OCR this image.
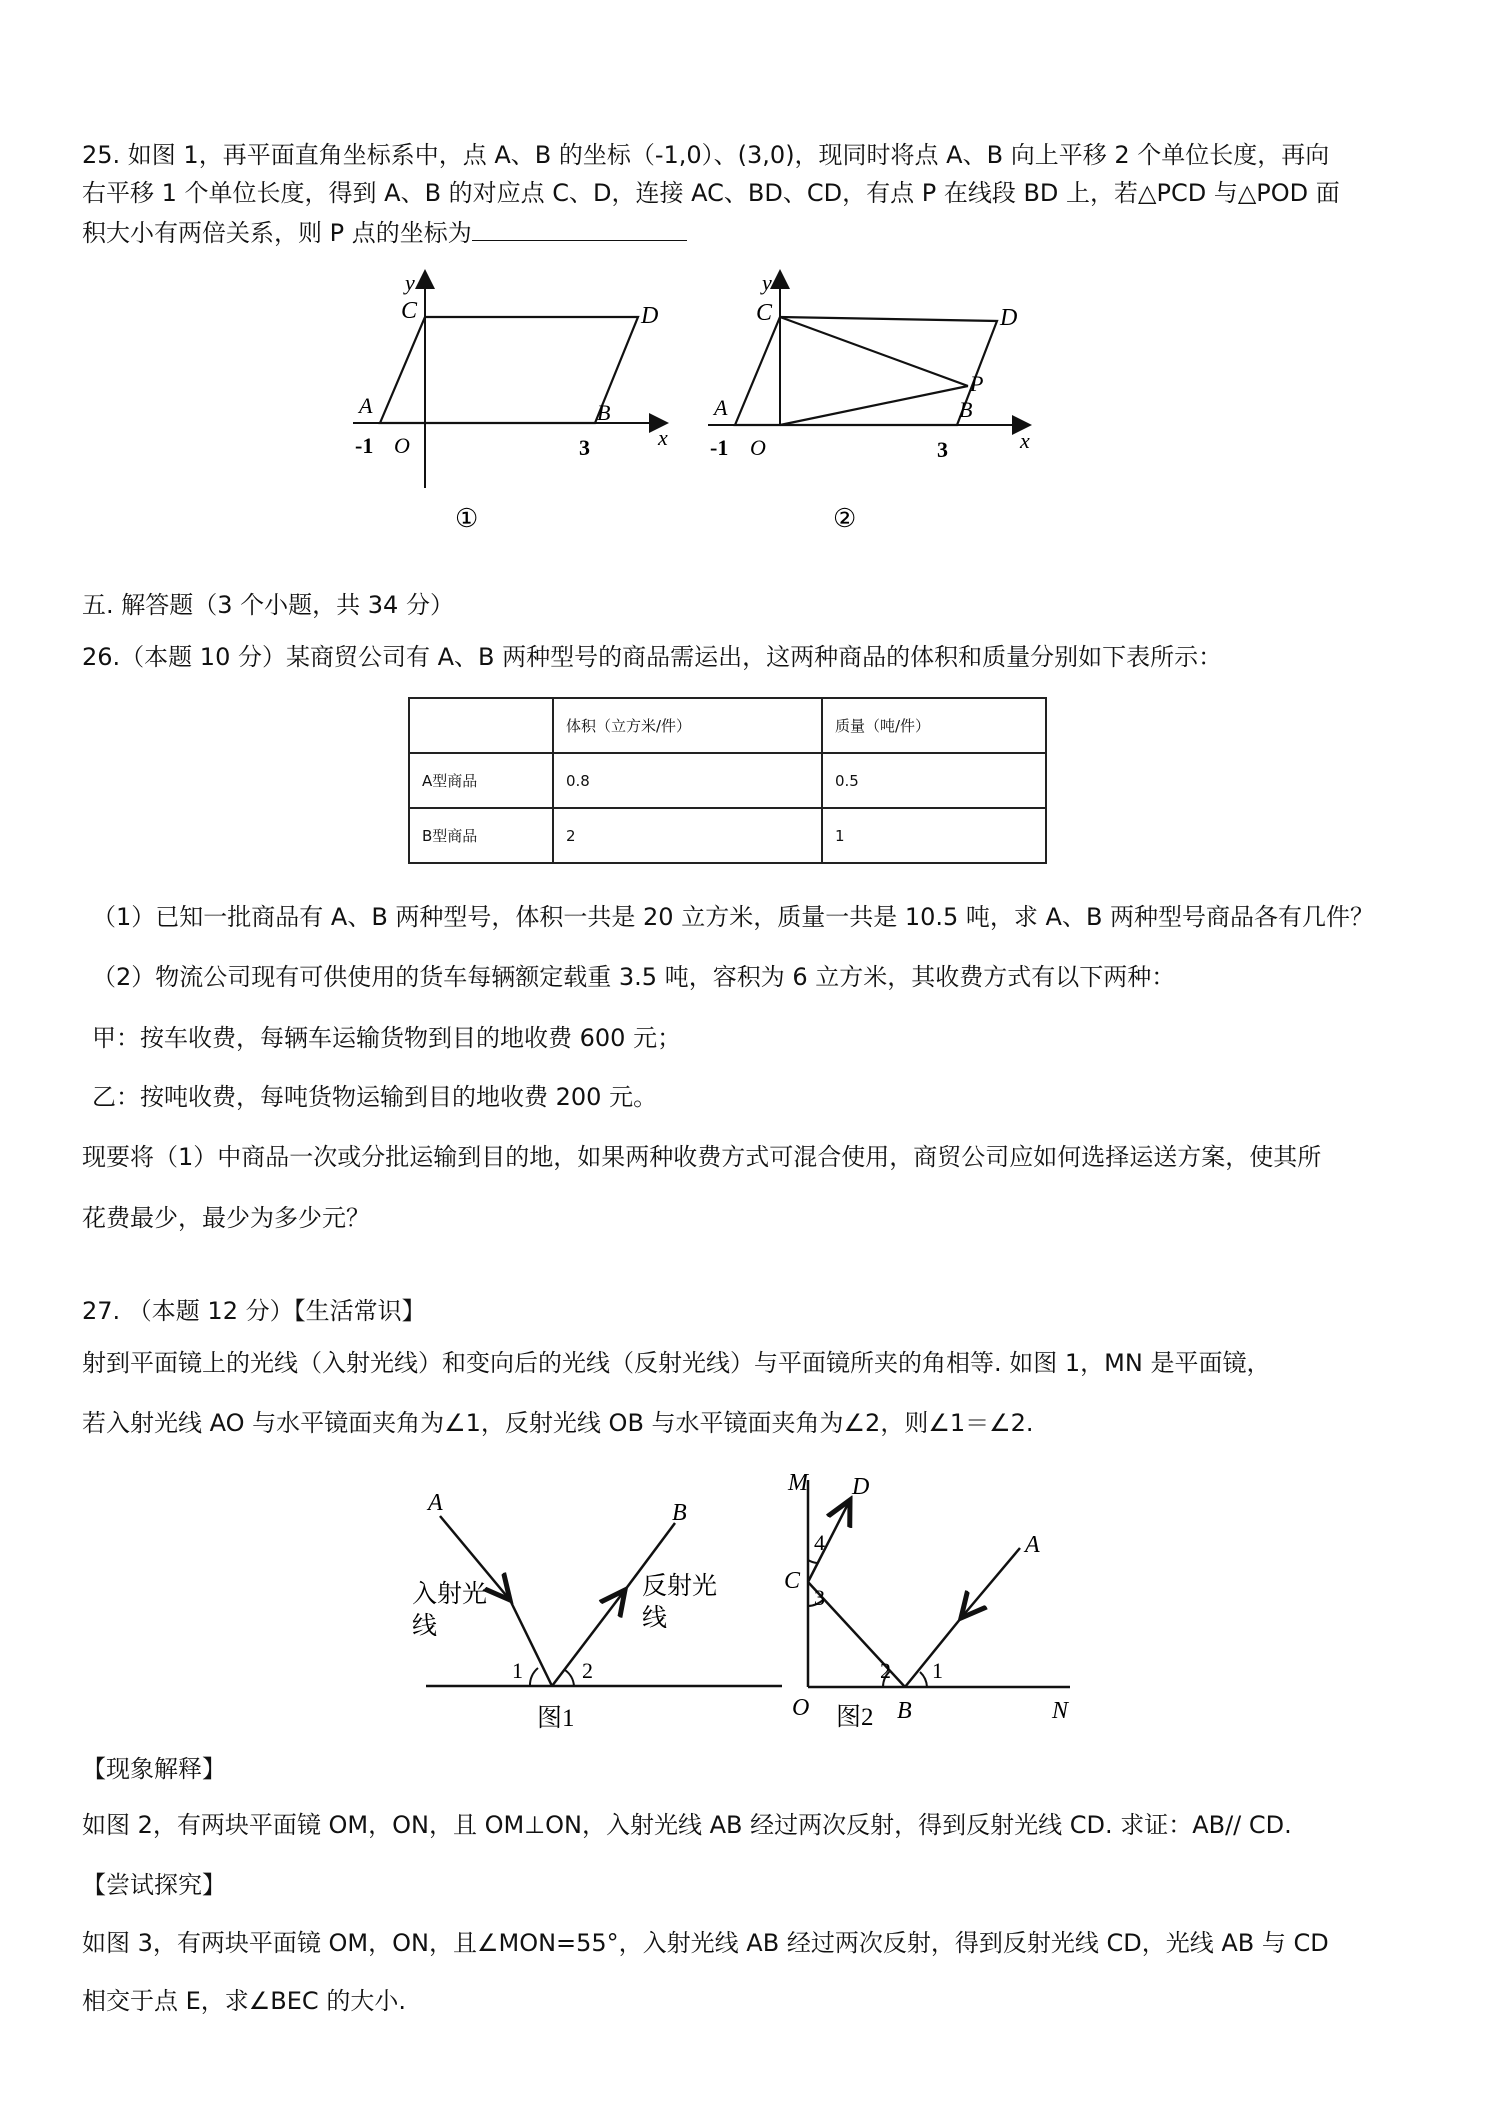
25. 如图 1，再平面直角坐标系中，点 A、B 的坐标（-1,0）、(3,0)，现同时将点 A、B 向上平移 2 个单位长度，再向
右平移 1 个单位长度，得到 A、B 的对应点 C、D，连接 AC、BD、CD，有点 P 在线段 BD 上，若△PCD 与△POD 面
积大小有两倍关系，则 P 点的坐标为
y
C	D
A	B
-1 O	3	x
①
y
C	D
P
A	B
-1 O	3	x
②
五. 解答题（3 个小题，共 34 分）
26.（本题 10 分）某商贸公司有 A、B 两种型号的商品需运出，这两种商品的体积和质量分别如下表所示：
	体积（立方米/件）	质量（吨/件）
A型商品	0.8	0.5
B型商品	2	1
（1）已知一批商品有 A、B 两种型号，体积一共是 20 立方米，质量一共是 10.5 吨，求 A、B 两种型号商品各有几件？
（2）物流公司现有可供使用的货车每辆额定载重 3.5 吨，容积为 6 立方米，其收费方式有以下两种：
甲：按车收费，每辆车运输货物到目的地收费 600 元；
乙：按吨收费，每吨货物运输到目的地收费 200 元。
现要将（1）中商品一次或分批运输到目的地，如果两种收费方式可混合使用，商贸公司应如何选择运送方案，使其所
花费最少，最少为多少元？
27. （本题 12 分）【生活常识】
射到平面镜上的光线（入射光线）和变向后的光线（反射光线）与平面镜所夹的角相等. 如图 1，MN 是平面镜，
若入射光线 AO 与水平镜面夹角为∠1，反射光线 OB 与水平镜面夹角为∠2，则∠1＝∠2.
A	B
入射光
线
反射光
线
1	2
图1
M D
4
C
3
A
2 1
O 图2 B	N
【现象解释】
如图 2，有两块平面镜 OM，ON，且 OM⊥ON，入射光线 AB 经过两次反射，得到反射光线 CD. 求证：AB// CD.
【尝试探究】
如图 3，有两块平面镜 OM，ON，且∠MON=55°，入射光线 AB 经过两次反射，得到反射光线 CD，光线 AB 与 CD
相交于点 E，求∠BEC 的大小.
